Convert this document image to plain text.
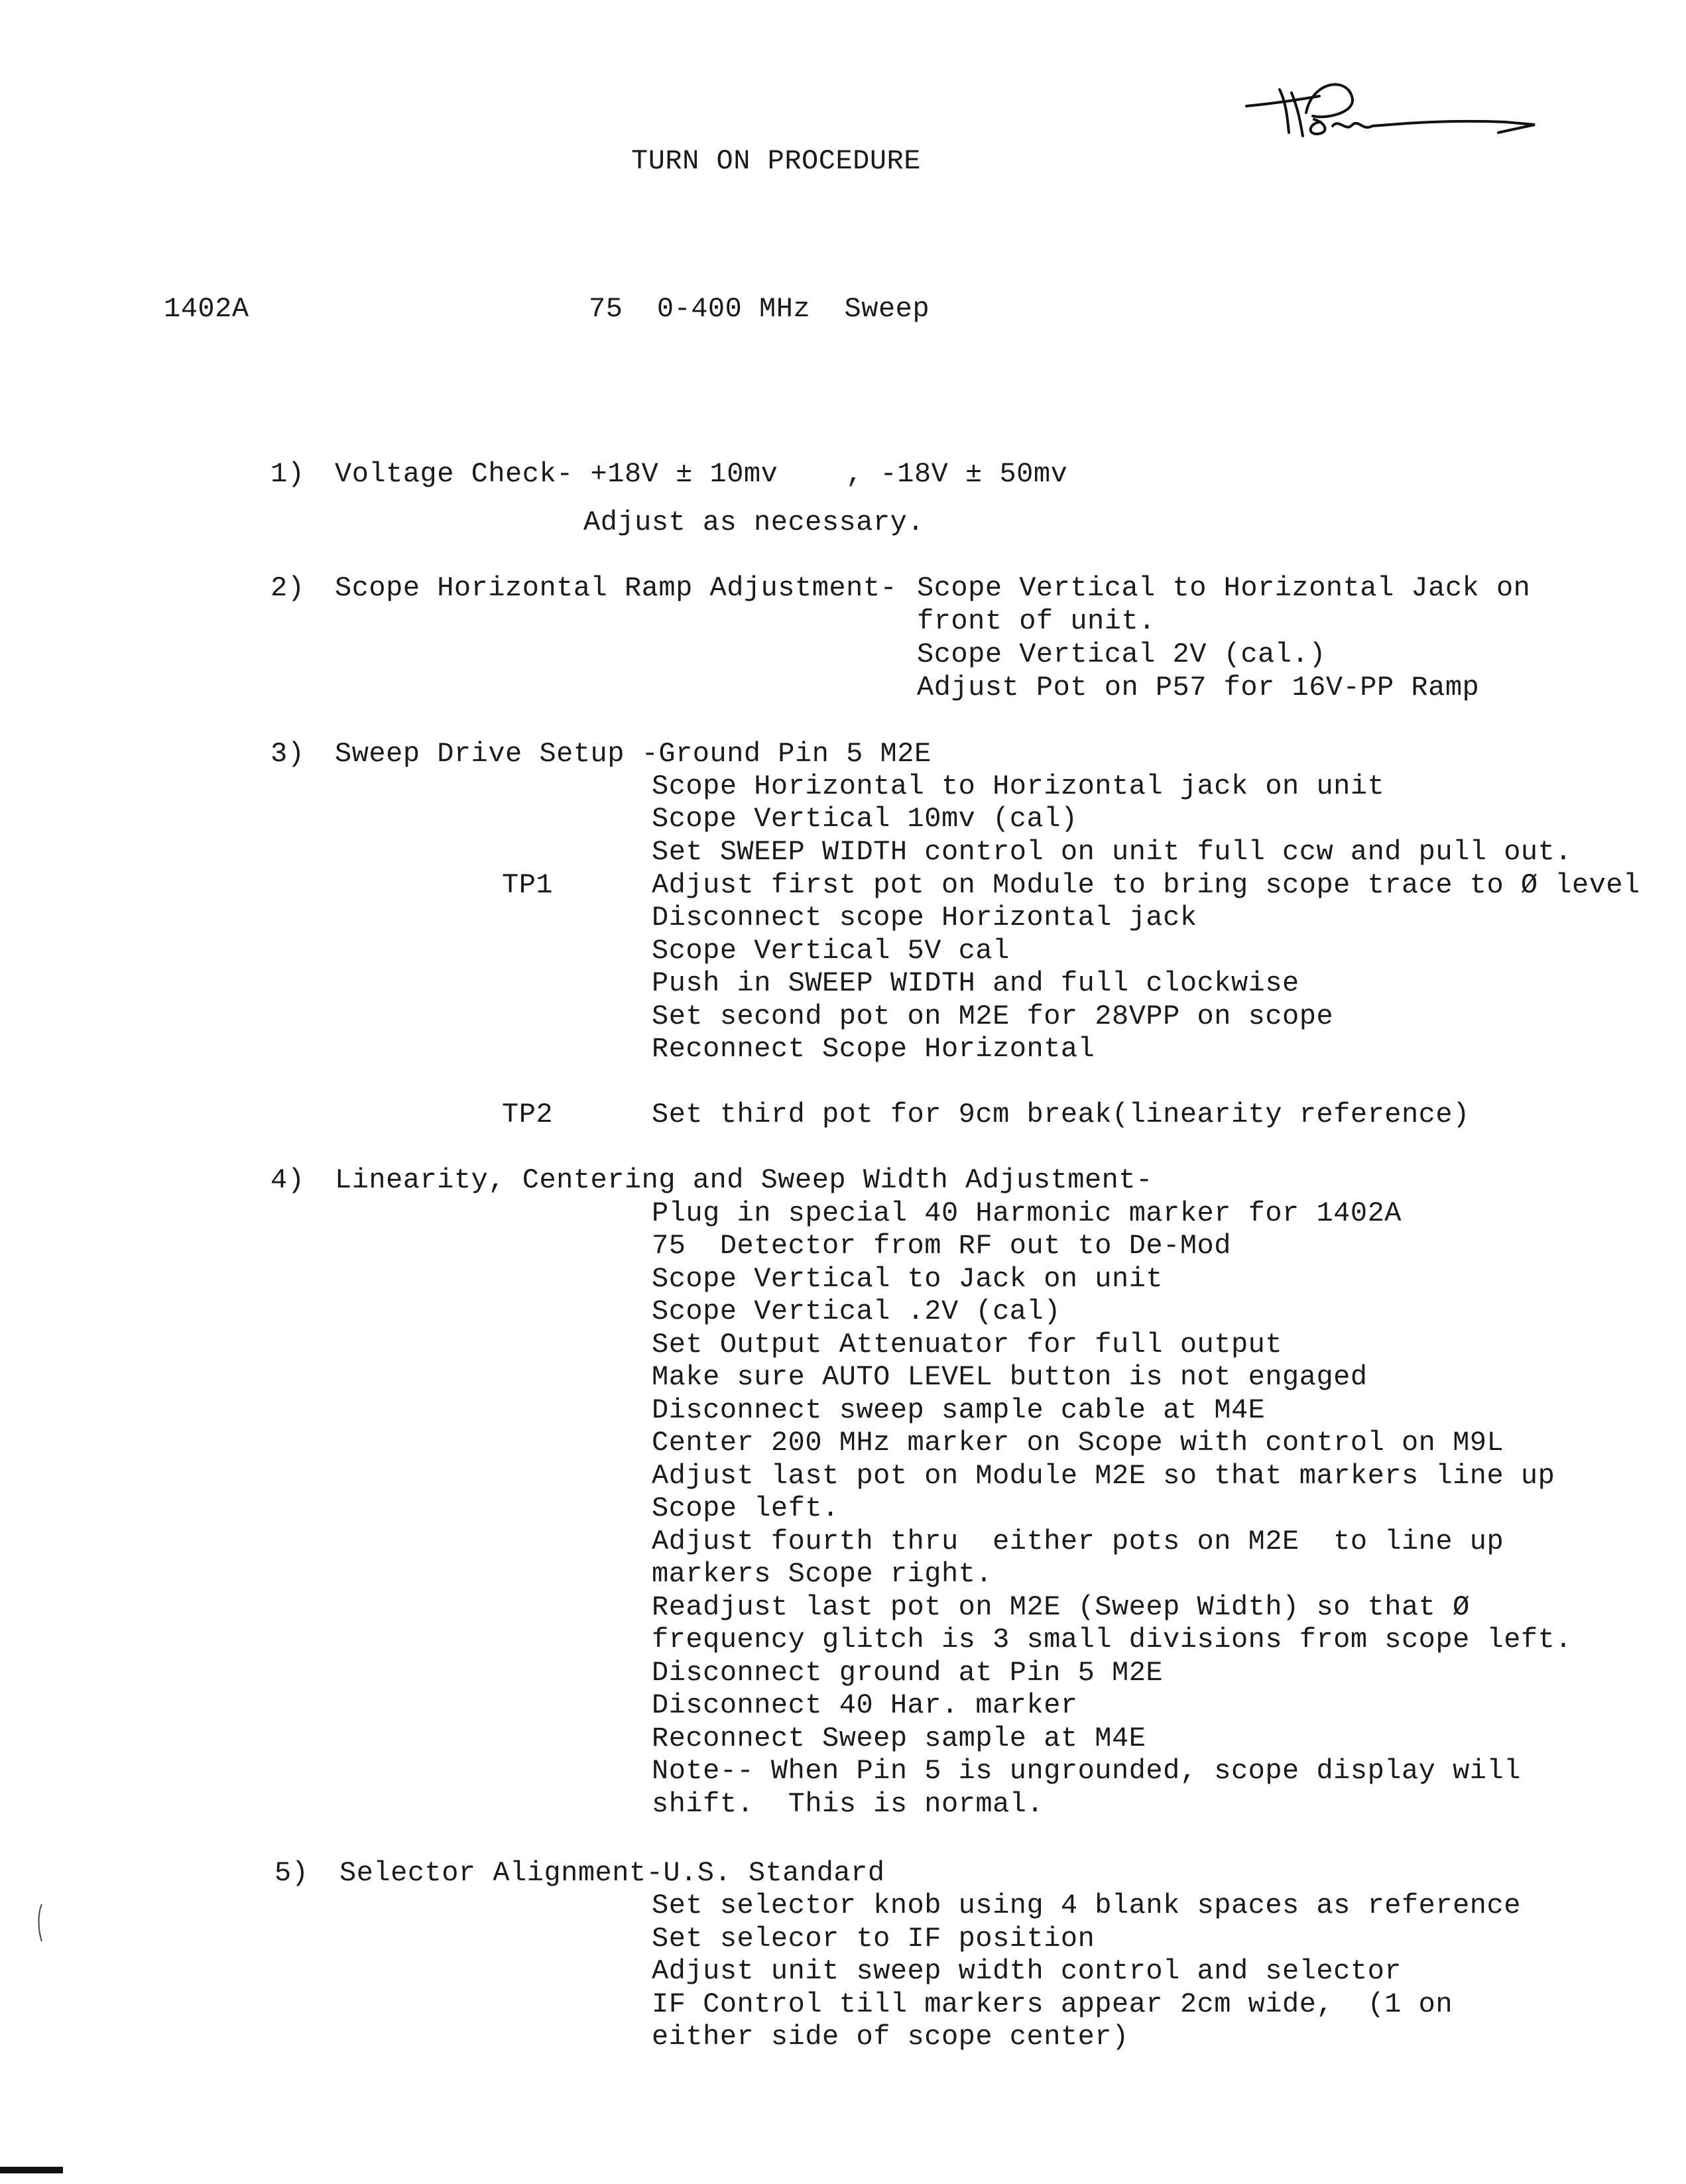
TURN ON PROCEDURE
1402A	75  0-400 MHz  Sweep
1) Voltage Check- +18V ± 10mv    , -18V ± 50mv
Adjust as necessary.
2) Scope Horizontal Ramp Adjustment- Scope Vertical to Horizontal Jack on
front of unit.
Scope Vertical 2V (cal.)
Adjust Pot on P57 for 16V-PP Ramp
3) Sweep Drive Setup -Ground Pin 5 M2E
Scope Horizontal to Horizontal jack on unit
Scope Vertical 10mv (cal)
Set SWEEP WIDTH control on unit full ccw and pull out.
TP1	Adjust first pot on Module to bring scope trace to Ø level
Disconnect scope Horizontal jack
Scope Vertical 5V cal
Push in SWEEP WIDTH and full clockwise
Set second pot on M2E for 28VPP on scope
Reconnect Scope Horizontal
TP2	Set third pot for 9cm break(linearity reference)
4) Linearity, Centering and Sweep Width Adjustment-
Plug in special 40 Harmonic marker for 1402A
75  Detector from RF out to De-Mod
Scope Vertical to Jack on unit
Scope Vertical .2V (cal)
Set Output Attenuator for full output
Make sure AUTO LEVEL button is not engaged
Disconnect sweep sample cable at M4E
Center 200 MHz marker on Scope with control on M9L
Adjust last pot on Module M2E so that markers line up
Scope left.
Adjust fourth thru  either pots on M2E  to line up
markers Scope right.
Readjust last pot on M2E (Sweep Width) so that Ø
frequency glitch is 3 small divisions from scope left.
Disconnect ground at Pin 5 M2E
Disconnect 40 Har. marker
Reconnect Sweep sample at M4E
Note-- When Pin 5 is ungrounded, scope display will
shift.  This is normal.
5) Selector Alignment-U.S. Standard
Set selector knob using 4 blank spaces as reference
Set selecor to IF position
Adjust unit sweep width control and selector
IF Control till markers appear 2cm wide,  (1 on
either side of scope center)
